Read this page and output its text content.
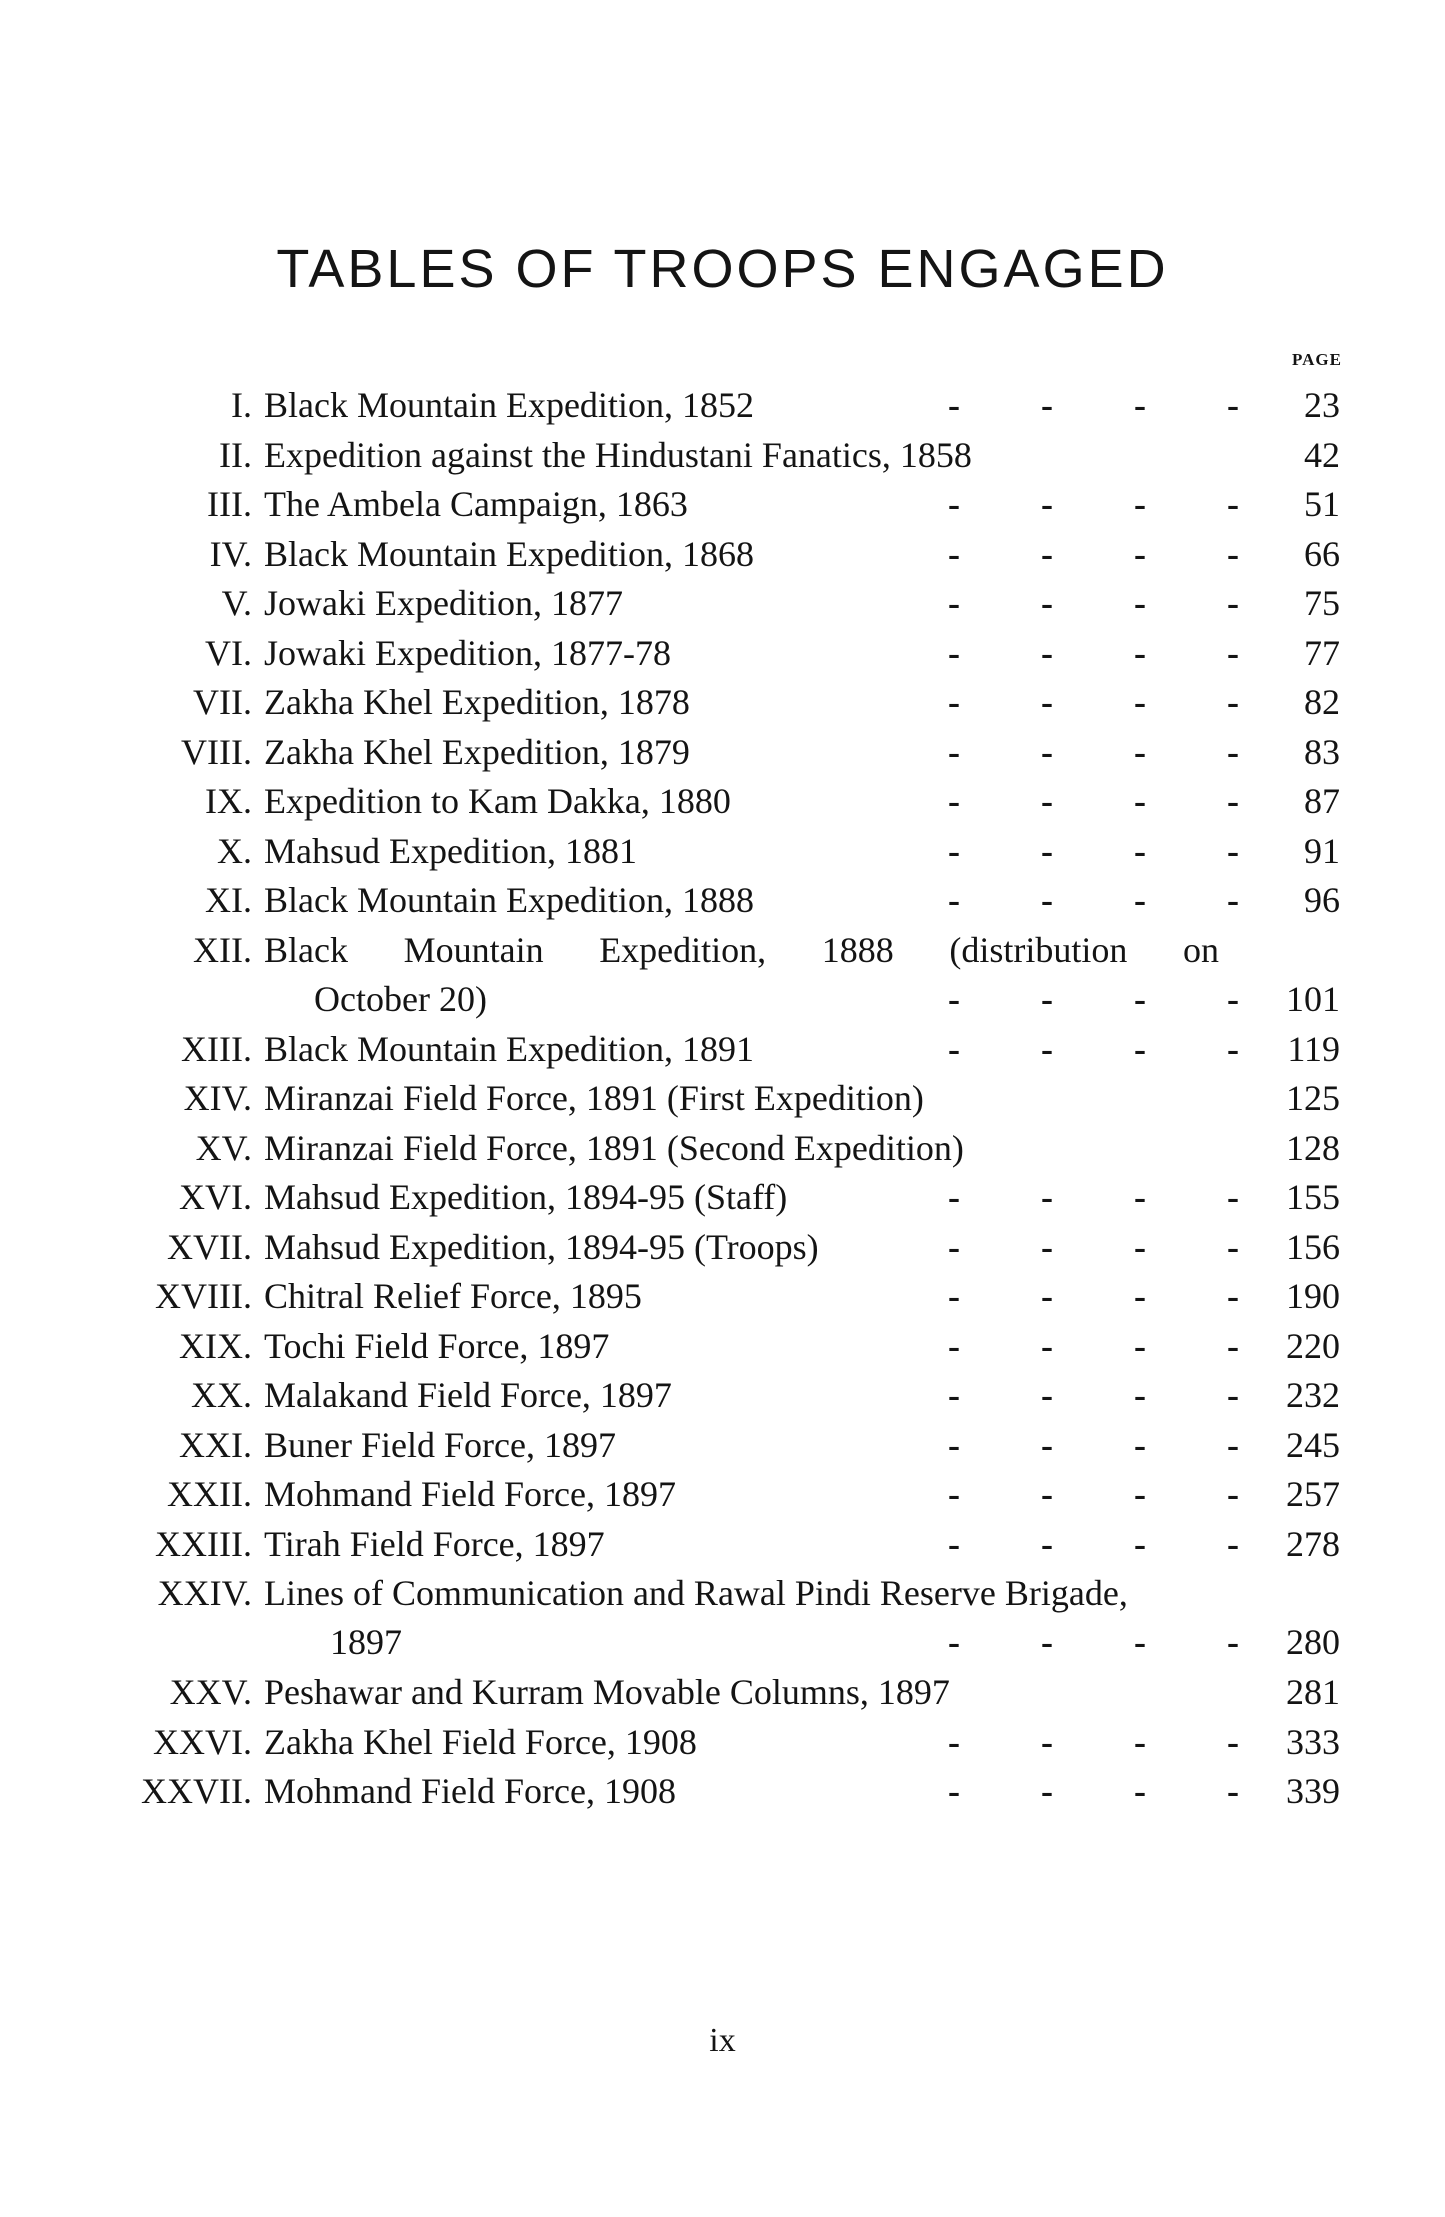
TABLES OF TROOPS ENGAGED
PAGE
I. Black Mountain Expedition, 1852	- - - - 23
II. Expedition against the Hindustani Fanatics, 1858	42
III. The Ambela Campaign, 1863	- - - - 51
IV. Black Mountain Expedition, 1868	- - - - 66
V. Jowaki Expedition, 1877	- - - - 75
VI. Jowaki Expedition, 1877-78	- - - - 77
VII. Zakha Khel Expedition, 1878	- - - - 82
VIII. Zakha Khel Expedition, 1879	- - - - 83
IX. Expedition to Kam Dakka, 1880	- - - - 87
X. Mahsud Expedition, 1881	- - - - 91
XI. Black Mountain Expedition, 1888	- - - - 96
XII. Black Mountain Expedition, 1888 (distribution on
October 20)	- - - - 101
XIII. Black Mountain Expedition, 1891	- - - - 119
XIV. Miranzai Field Force, 1891 (First Expedition)	125
XV. Miranzai Field Force, 1891 (Second Expedition)	128
XVI. Mahsud Expedition, 1894-95 (Staff)	- - - - 155
XVII. Mahsud Expedition, 1894-95 (Troops)	- - - - 156
XVIII. Chitral Relief Force, 1895	- - - - 190
XIX. Tochi Field Force, 1897	- - - - 220
XX. Malakand Field Force, 1897	- - - - 232
XXI. Buner Field Force, 1897	- - - - 245
XXII. Mohmand Field Force, 1897	- - - - 257
XXIII. Tirah Field Force, 1897	- - - - 278
XXIV. Lines of Communication and Rawal Pindi Reserve Brigade,
1897	- - - - 280
XXV. Peshawar and Kurram Movable Columns, 1897	281
XXVI. Zakha Khel Field Force, 1908	- - - - 333
XXVII. Mohmand Field Force, 1908	- - - - 339
ix
